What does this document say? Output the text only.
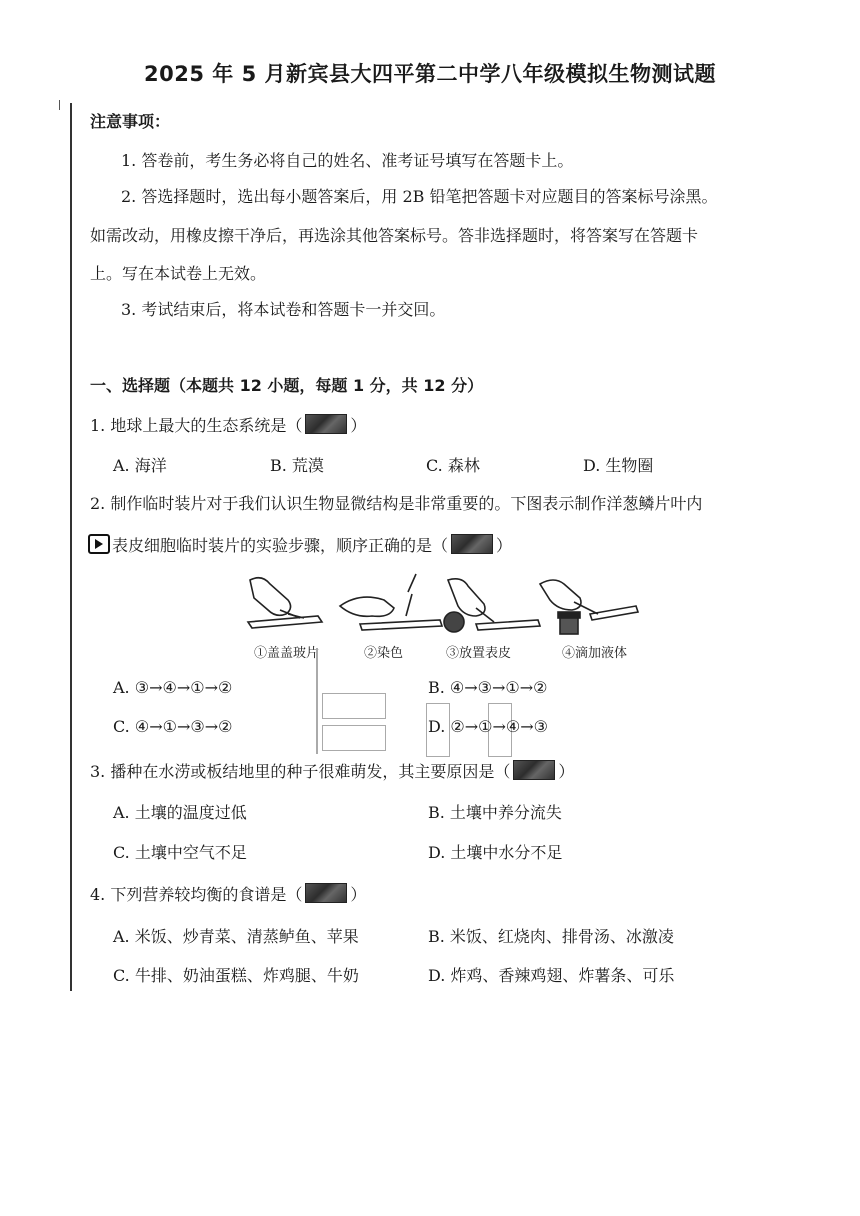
2025 年 5 月新宾县大四平第二中学八年级模拟生物测试题
注意事项：
1. 答卷前，考生务必将自己的姓名、准考证号填写在答题卡上。
2. 答选择题时，选出每小题答案后，用 2B 铅笔把答题卡对应题目的答案标号涂黑。
如需改动，用橡皮擦干净后，再选涂其他答案标号。答非选择题时，将答案写在答题卡
上。写在本试卷上无效。
3. 考试结束后，将本试卷和答题卡一并交回。
一、选择题（本题共 12 小题，每题 1 分，共 12 分）
1. 地球上最大的生态系统是（	）
A. 海洋	B. 荒漠	C. 森林	D. 生物圈
2. 制作临时装片对于我们认识生物显微结构是非常重要的。下图表示制作洋葱鳞片叶内
表皮细胞临时装片的实验步骤，顺序正确的是（	）
①盖盖玻片	②染色	③放置表皮	④滴加液体
A. ③→④→①→②	B. ④→③→①→②
C. ④→①→③→②	D. ②→①→④→③
3. 播种在水涝或板结地里的种子很难萌发，其主要原因是（	）
A. 土壤的温度过低	B. 土壤中养分流失
C. 土壤中空气不足	D. 土壤中水分不足
4. 下列营养较均衡的食谱是（	）
A. 米饭、炒青菜、清蒸鲈鱼、苹果	B. 米饭、红烧肉、排骨汤、冰激凌
C. 牛排、奶油蛋糕、炸鸡腿、牛奶	D. 炸鸡、香辣鸡翅、炸薯条、可乐
